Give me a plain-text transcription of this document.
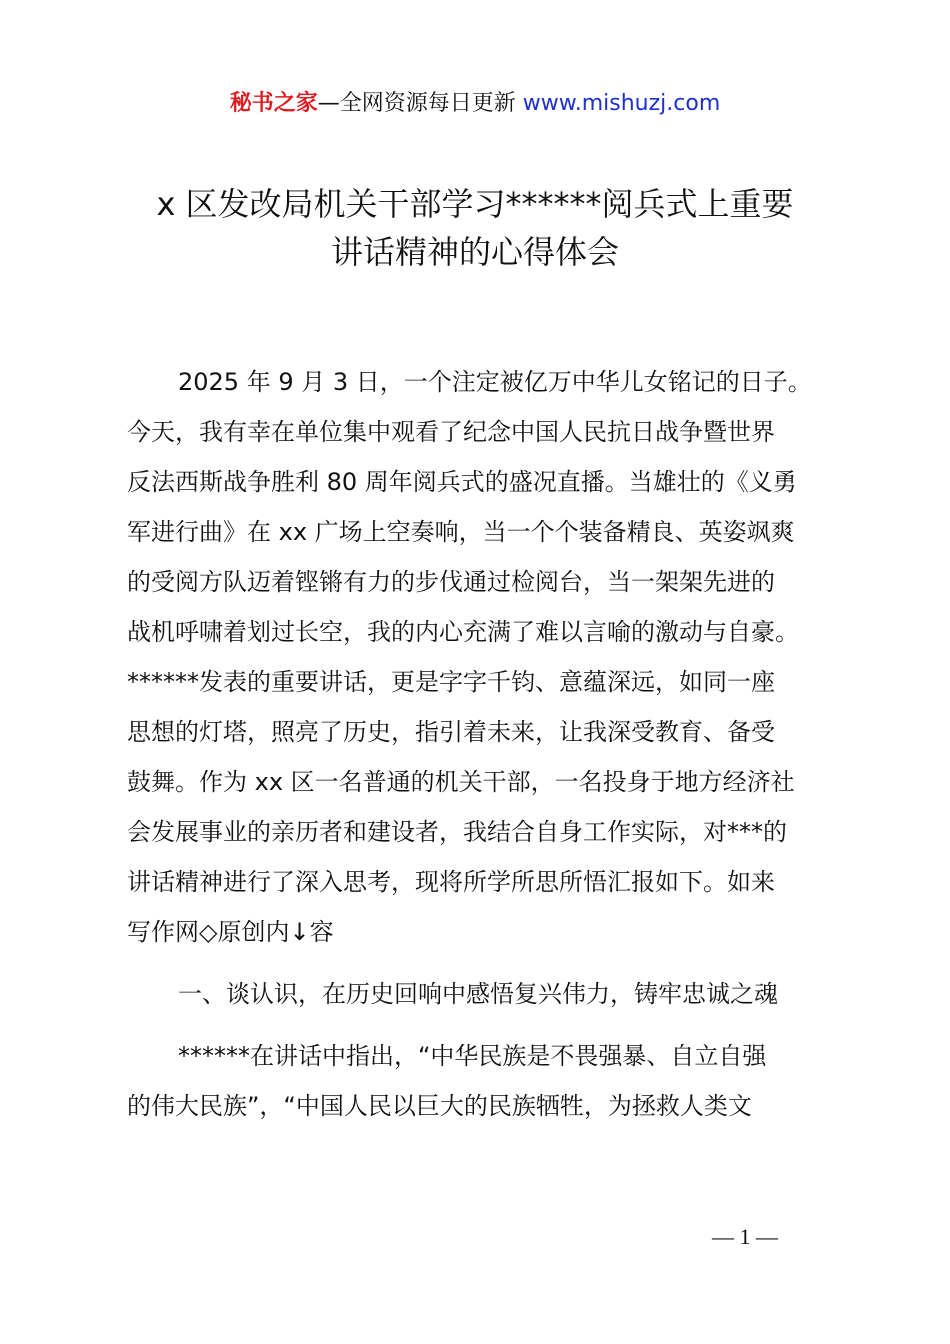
秘书之家—全网资源每日更新 www.mishuzj.com
x 区发改局机关干部学习******阅兵式上重要
讲话精神的心得体会
2025 年 9 月 3 日，一个注定被亿万中华儿女铭记的日子。
今天，我有幸在单位集中观看了纪念中国人民抗日战争暨世界
反法西斯战争胜利 80 周年阅兵式的盛况直播。当雄壮的《义勇
军进行曲》在 xx 广场上空奏响，当一个个装备精良、英姿飒爽
的受阅方队迈着铿锵有力的步伐通过检阅台，当一架架先进的
战机呼啸着划过长空，我的内心充满了难以言喻的激动与自豪。
******发表的重要讲话，更是字字千钧、意蕴深远，如同一座
思想的灯塔，照亮了历史，指引着未来，让我深受教育、备受
鼓舞。作为 xx 区一名普通的机关干部，一名投身于地方经济社
会发展事业的亲历者和建设者，我结合自身工作实际，对***的
讲话精神进行了深入思考，现将所学所思所悟汇报如下。如来
写作网◇原创内↓容
一、谈认识，在历史回响中感悟复兴伟力，铸牢忠诚之魂
******在讲话中指出，“中华民族是不畏强暴、自立自强
的伟大民族”，“中国人民以巨大的民族牺牲，为拯救人类文
— 1 —
